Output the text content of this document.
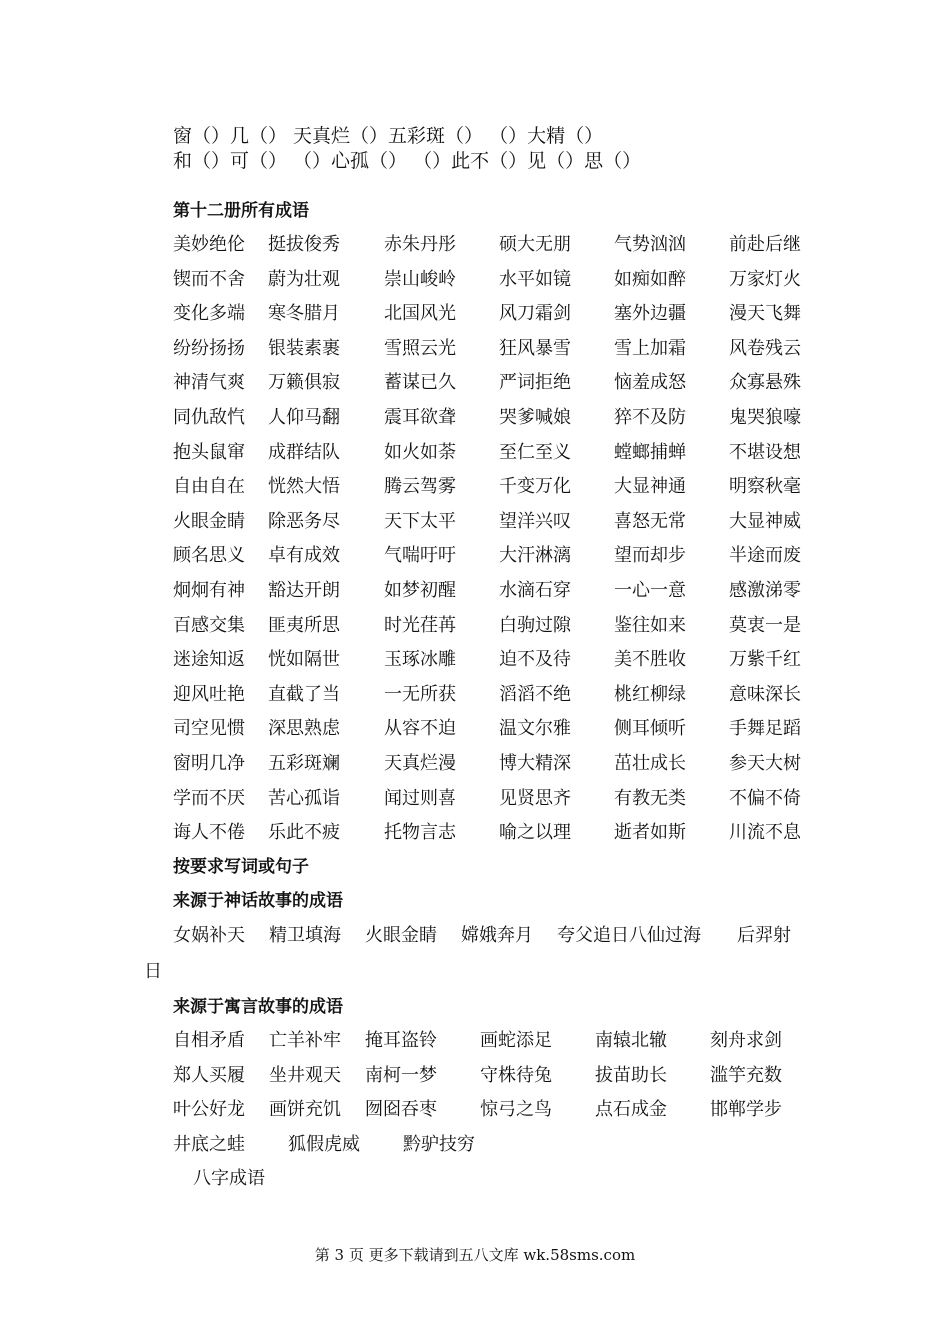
窗（）几（） 天真烂（）五彩斑（） （）大精（）
和（）可（） （）心孤（） （）此不（）见（）思（）
第十二册所有成语
美妙绝伦 挺拔俊秀 赤朱丹彤 硕大无朋 气势汹汹 前赴后继
锲而不舍 蔚为壮观 崇山峻岭 水平如镜 如痴如醉 万家灯火
变化多端 寒冬腊月 北国风光 风刀霜剑 塞外边疆 漫天飞舞
纷纷扬扬 银装素裹 雪照云光 狂风暴雪 雪上加霜 风卷残云
神清气爽 万籁俱寂 蓄谋已久 严词拒绝 恼羞成怒 众寡悬殊
同仇敌忾 人仰马翻 震耳欲聋 哭爹喊娘 猝不及防 鬼哭狼嚎
抱头鼠窜 成群结队 如火如荼 至仁至义 螳螂捕蝉 不堪设想
自由自在 恍然大悟 腾云驾雾 千变万化 大显神通 明察秋毫
火眼金睛 除恶务尽 天下太平 望洋兴叹 喜怒无常 大显神威
顾名思义 卓有成效 气喘吁吁 大汗淋漓 望而却步 半途而废
炯炯有神 豁达开朗 如梦初醒 水滴石穿 一心一意 感激涕零
百感交集 匪夷所思 时光荏苒 白驹过隙 鉴往如来 莫衷一是
迷途知返 恍如隔世 玉琢冰雕 迫不及待 美不胜收 万紫千红
迎风吐艳 直截了当 一无所获 滔滔不绝 桃红柳绿 意味深长
司空见惯 深思熟虑 从容不迫 温文尔雅 侧耳倾听 手舞足蹈
窗明几净 五彩斑斓 天真烂漫 博大精深 茁壮成长 参天大树
学而不厌 苦心孤诣 闻过则喜 见贤思齐 有教无类 不偏不倚
诲人不倦 乐此不疲 托物言志 喻之以理 逝者如斯 川流不息
按要求写词或句子
来源于神话故事的成语
女娲补天 精卫填海 火眼金睛 嫦娥奔月 夸父追日八仙过海 后羿射
日
来源于寓言故事的成语
自相矛盾 亡羊补牢 掩耳盗铃 画蛇添足 南辕北辙 刻舟求剑
郑人买履 坐井观天 南柯一梦 守株待兔 拔苗助长 滥竽充数
叶公好龙 画饼充饥 囫囵吞枣 惊弓之鸟 点石成金 邯郸学步
井底之蛙 狐假虎威 黔驴技穷
八字成语
第 3 页 更多下载请到五八文库 wk.58sms.com
